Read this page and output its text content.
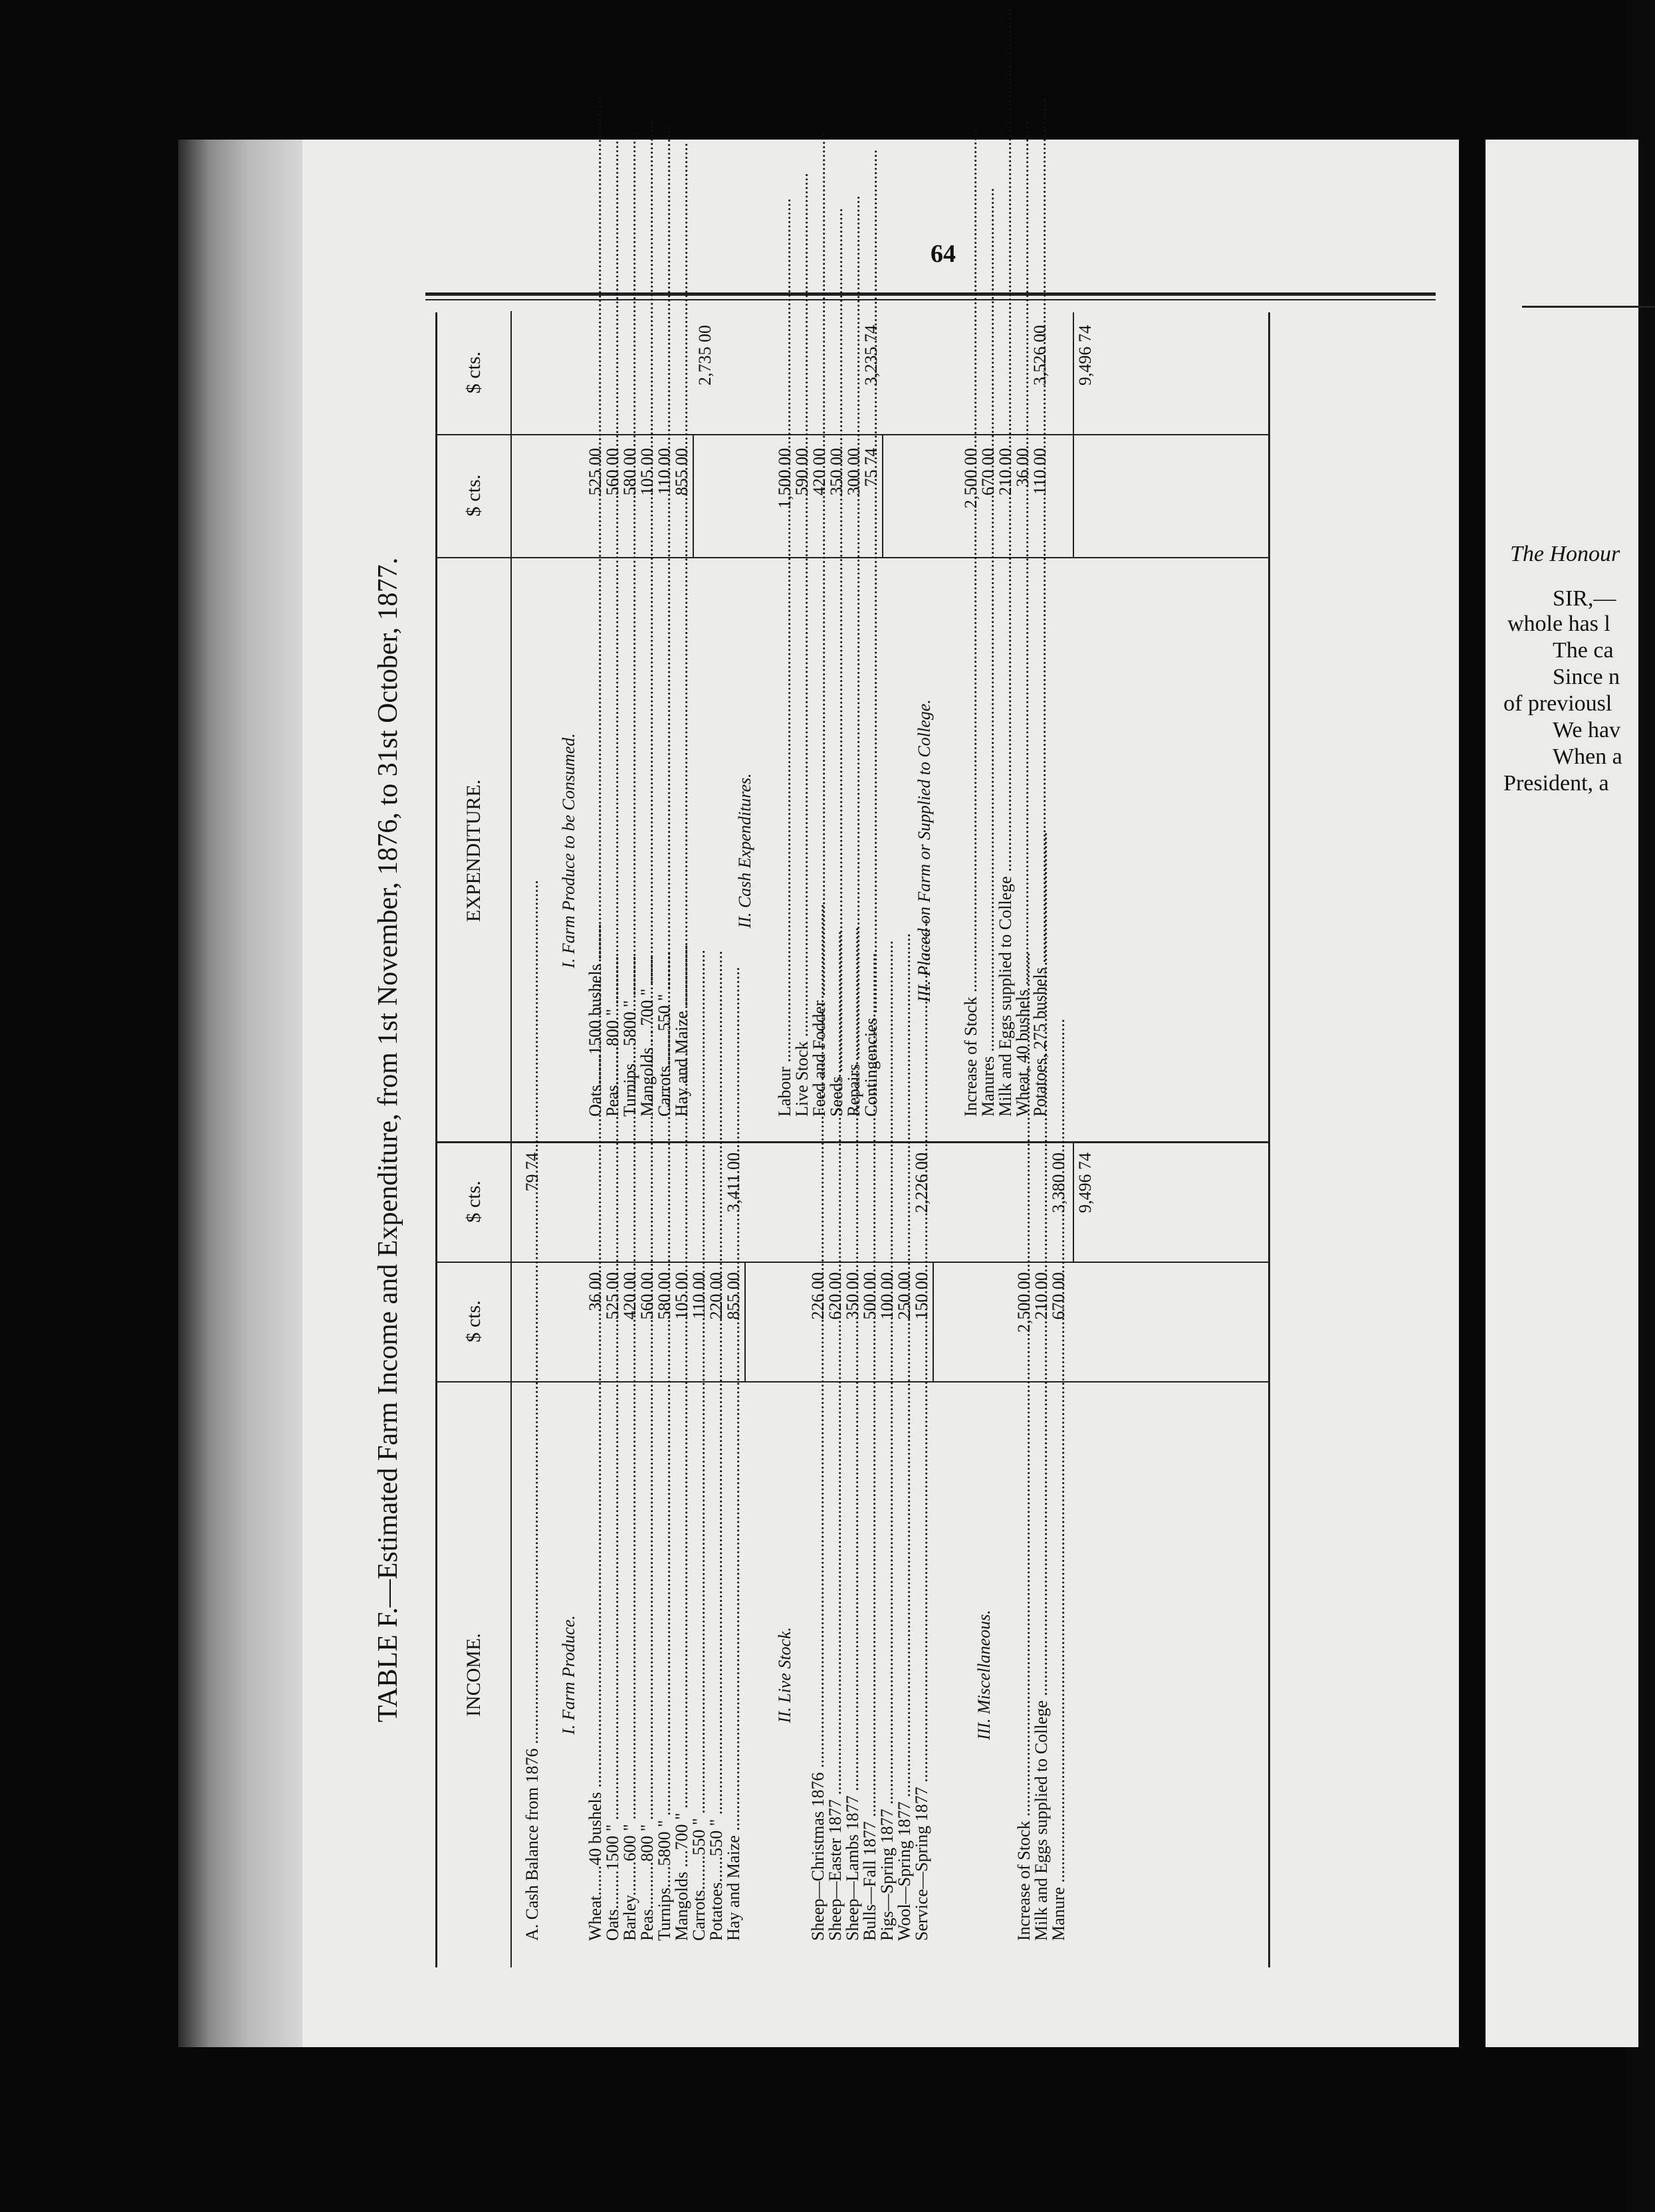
The Honour
SIR,—
whole has l
The ca
Since n
of previousl
We hav
When a
President, a
64
TABLE F.—Estimated Farm Income and Expenditure, from 1st November, 1876, to 31st October, 1877.	INCOME.
$ cts.
$ cts.
A. Cash Balance from 1876 .....
79 74
I. Farm Produce.
Wheat.......40 bushels .....
36 00
Oats.........1500 " .....
525 00
Barley........600 " .....
420 00
Peas...........800 " .....
560 00
Turnips.....5800 " .....
580 00
Mangolds ....700 " .....
105 00
Carrots........550 " .....
110 00
Potatoes......550 " .....
220 00
Hay and Maize .....
855 00
3,411 00
II. Live Stock.
Sheep—Christmas 1876 .....
226 00
Sheep—Easter 1877 .....
620 00
Sheep—Lambs 1877 .....
350 00
Bulls—Fall 1877 .....
500 00
Pigs—Spring 1877 .....
100 00
Wool—Spring 1877 .....
250 00
Service—Spring 1877 .....
150 00
2,226 00
III. Miscellaneous.
Increase of Stock .....
2,500 00
Milk and Eggs supplied to College .....
210 00
Manure .....
670 00
3,380 00 9,496 74
EXPENDITURE.
$ cts.
$ cts.
I. Farm Produce to be Consumed.
Oats.......1500 bushels .....
525 00
Peas.........800 " .....
560 00
Turnips....5800 " .....
580 00
Mangolds . . 700 " .....
105 00
Carrots........550 " .....
110 00
Hay and Maize .....
855 00
2,735 00
II. Cash Expenditures.
Labour .....
1,500 00
Live Stock .....
590 00
Feed and Fodder .....
420 00
Seeds .....
350 00
Repairs .....
300 00
Contingencies .....
75 74
3,235 74
III. Placed on Farm or Supplied to College.
Increase of Stock .....
2,500 00
Manures .....
670 00
Milk and Eggs supplied to College .....
210 00
Wheat, 40 bushels .....
36 00
Potatoes, 275 bushels .....
110 00
3,526 00 9,496 74
